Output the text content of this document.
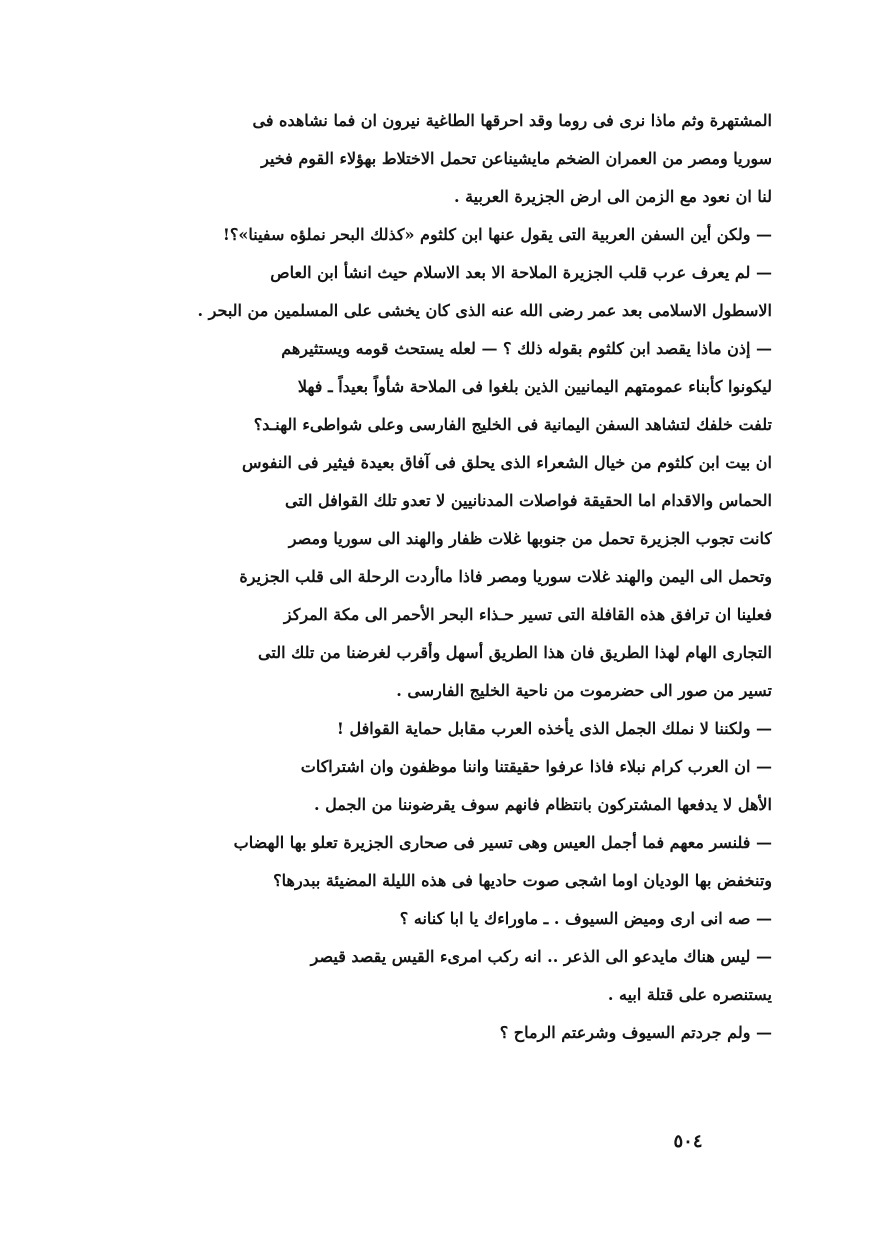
المشتهرة وثم ماذا نرى فى روما وقد احرقها الطاغية نيرون ان فما نشاهده فى
سوريا ومصر من العمران الضخم مايشيناعن تحمل الاختلاط بهؤلاء القوم فخير
لنا ان نعود مع الزمن الى ارض الجزيرة العربية .
— ولكن أين السفن العربية التى يقول عنها ابن كلثوم «كذلك البحر نملؤه سفينا»؟!
— لم يعرف عرب قلب الجزيرة الملاحة الا بعد الاسلام حيث انشأ ابن العاص
الاسطول الاسلامى بعد عمر رضى الله عنه الذى كان يخشى على المسلمين من البحر .
— إذن ماذا يقصد ابن كلثوم بقوله ذلك ؟ — لعله يستحث قومه ويستثيرهم
ليكونوا كأبناء عمومتهم اليمانيين الذين بلغوا فى الملاحة شأواً بعيداً ـ فهلا
تلفت خلفك لتشاهد السفن اليمانية فى الخليج الفارسى وعلى شواطىء الهنـد؟
ان بيت ابن كلثوم من خيال الشعراء الذى يحلق فى آفاق بعيدة فيثير فى النفوس
الحماس والاقدام اما الحقيقة فواصلات المدنانيين لا تعدو تلك القوافل التى
كانت تجوب الجزيرة تحمل من جنوبها غلات ظفار والهند الى سوريا ومصر
وتحمل الى اليمن والهند غلات سوريا ومصر فاذا ماأردت الرحلة الى قلب الجزيرة
فعلينا ان ترافق هذه القافلة التى تسير حـذاء البحر الأحمر الى مكة المركز
التجارى الهام لهذا الطريق فان هذا الطريق أسهل وأقرب لغرضنا من تلك التى
تسير من صور الى حضرموت من ناحية الخليج الفارسى .
— ولكننا لا نملك الجمل الذى يأخذه العرب مقابل حماية القوافل !
— ان العرب كرام نبلاء فاذا عرفوا حقيقتنا واننا موظفون وان اشتراكات
الأهل لا يدفعها المشتركون بانتظام فانهم سوف يقرضوننا من الجمل .
— فلنسر معهم فما أجمل العيس وهى تسير فى صحارى الجزيرة تعلو بها الهضاب
وتنخفض بها الوديان اوما اشجى صوت حاديها فى هذه الليلة المضيئة ببدرها؟
— صه انى ارى وميض السيوف . ـ ماوراءك يا ابا كنانه ؟
— ليس هناك مايدعو الى الذعر .. انه ركب امرىء القيس يقصد قيصر
يستنصره على قتلة ابيه .
— ولم جردتم السيوف وشرعتم الرماح ؟
٥٠٤
